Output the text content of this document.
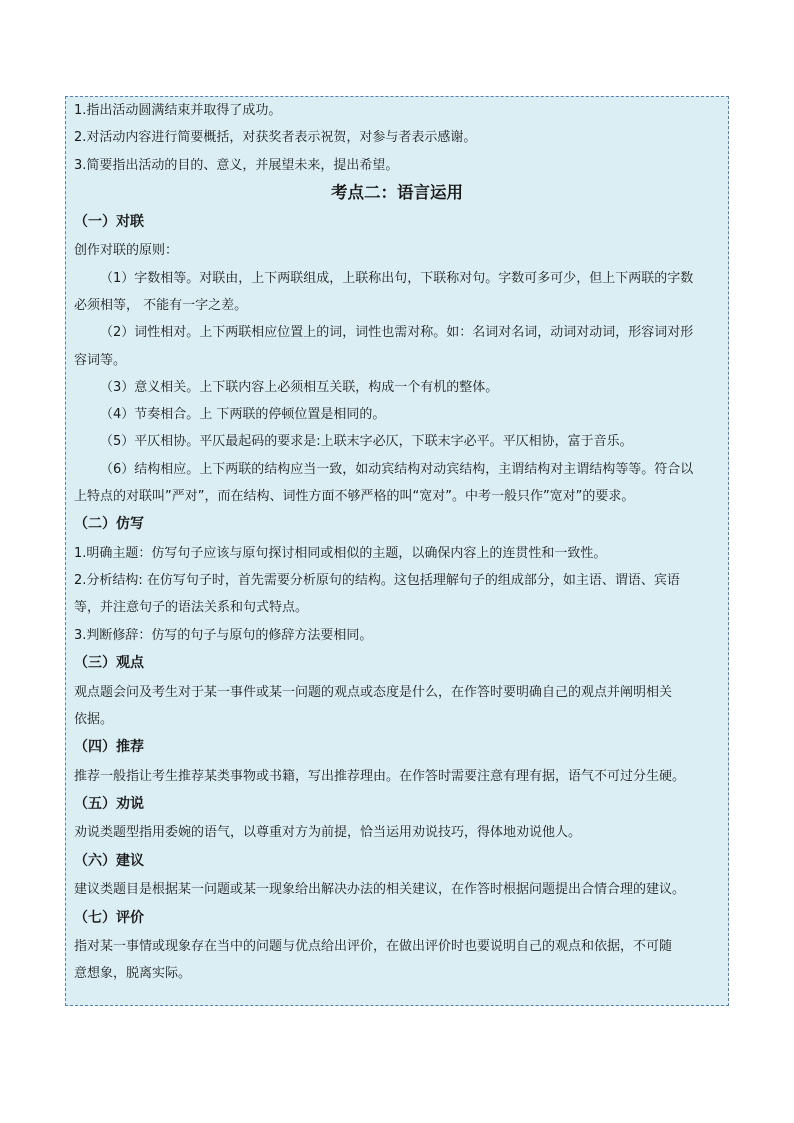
1.指出活动圆满结束并取得了成功。
2.对活动内容进行简要概括，对获奖者表示祝贺，对参与者表示感谢。
3.简要指出活动的目的、意义，并展望未来，提出希望。
考点二：语言运用
（一）对联
创作对联的原则：
（1）字数相等。对联由，上下两联组成，上联称出句，下联称对句。字数可多可少，但上下两联的字数
必须相等， 不能有一字之差。
（2）词性相对。上下两联相应位置上的词，词性也需对称。如：名词对名词，动词对动词，形容词对形
容词等。
（3）意义相关。上下联内容上必须相互关联，构成一个有机的整体。
（4）节奏相合。上 下两联的停顿位置是相同的。
（5）平仄相协。平仄最起码的要求是:上联末字必仄，下联末字必平。平仄相协，富于音乐。
（6）结构相应。上下两联的结构应当一致，如动宾结构对动宾结构，主谓结构对主谓结构等等。符合以
上特点的对联叫”严对”，而在结构、词性方面不够严格的叫“宽对”。中考一般只作”宽对”的要求。
（二）仿写
1.明确主题：仿写句子应该与原句探讨相同或相似的主题，以确保内容上的连贯性和一致性。
2.分析结构: 在仿写句子时，首先需要分析原句的结构。这包括理解句子的组成部分，如主语、谓语、宾语
等，并注意句子的语法关系和句式特点。
3.判断修辞：仿写的句子与原句的修辞方法要相同。
（三）观点
观点题会问及考生对于某一事件或某一问题的观点或态度是什么，在作答时要明确自己的观点并阐明相关
依据。
（四）推荐
推荐一般指让考生推荐某类事物或书籍，写出推荐理由。在作答时需要注意有理有据，语气不可过分生硬。
（五）劝说
劝说类题型指用委婉的语气，以尊重对方为前提，恰当运用劝说技巧，得体地劝说他人。
（六）建议
建议类题目是根据某一问题或某一现象给出解决办法的相关建议，在作答时根据问题提出合情合理的建议。
（七）评价
指对某一事情或现象存在当中的问题与优点给出评价，在做出评价时也要说明自己的观点和依据，不可随
意想象，脱离实际。
